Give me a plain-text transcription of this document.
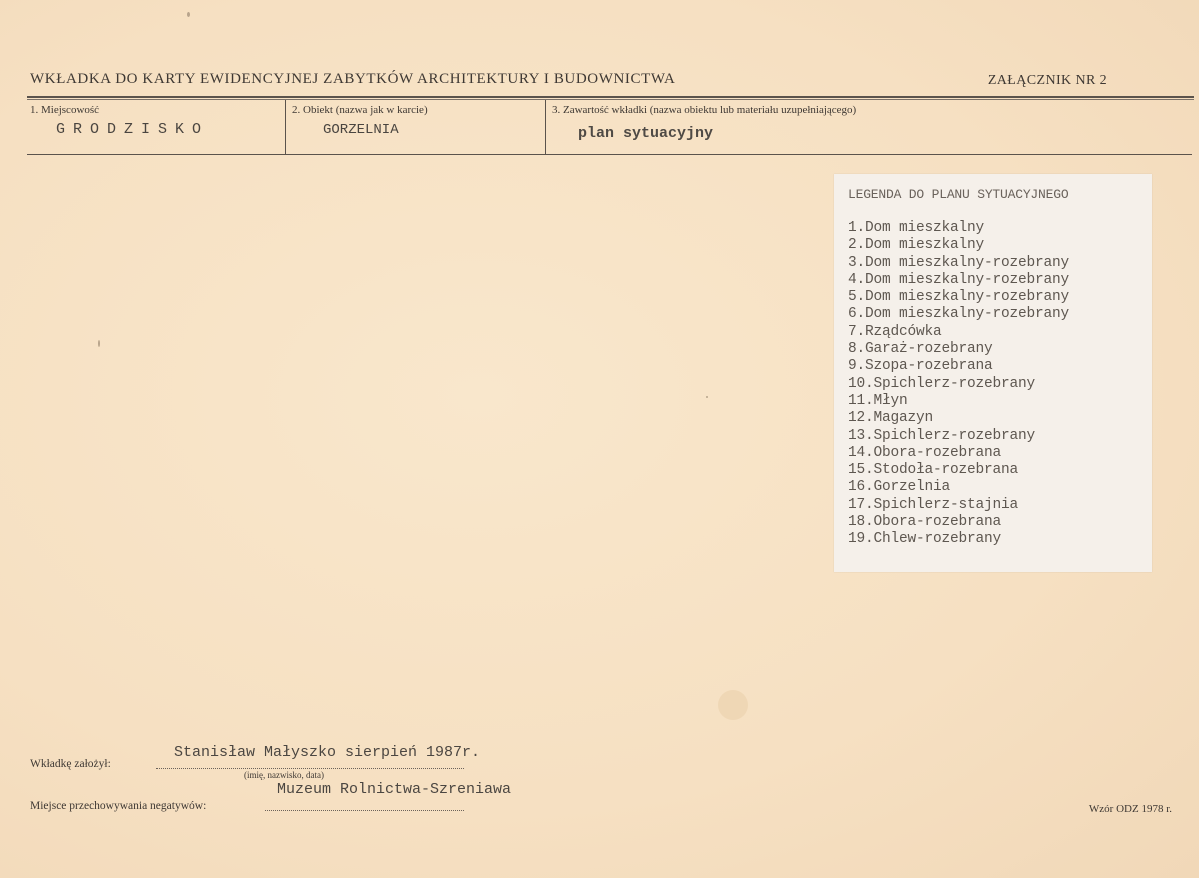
WKŁADKA DO KARTY EWIDENCYJNEJ ZABYTKÓW ARCHITEKTURY I BUDOWNICTWA	ZAŁĄCZNIK NR 2
1. Miejscowość
GRODZISKO
2. Obiekt (nazwa jak w karcie)
GORZELNIA
3. Zawartość wkładki (nazwa obiektu lub materiału uzupełniającego)
plan sytuacyjny
LEGENDA DO PLANU SYTUACYJNEGO
1.Dom mieszkalny
2.Dom mieszkalny
3.Dom mieszkalny-rozebrany
4.Dom mieszkalny-rozebrany
5.Dom mieszkalny-rozebrany
6.Dom mieszkalny-rozebrany
7.Rządcówka
8.Garaż-rozebrany
9.Szopa-rozebrana
10.Spichlerz-rozebrany
11.Młyn
12.Magazyn
13.Spichlerz-rozebrany
14.Obora-rozebrana
15.Stodoła-rozebrana
16.Gorzelnia
17.Spichlerz-stajnia
18.Obora-rozebrana
19.Chlew-rozebrany
Wkładkę założył:
Stanisław Małyszko sierpień 1987r.
(imię, nazwisko, data)
Miejsce przechowywania negatywów:
Muzeum Rolnictwa-Szreniawa
Wzór ODZ 1978 r.
